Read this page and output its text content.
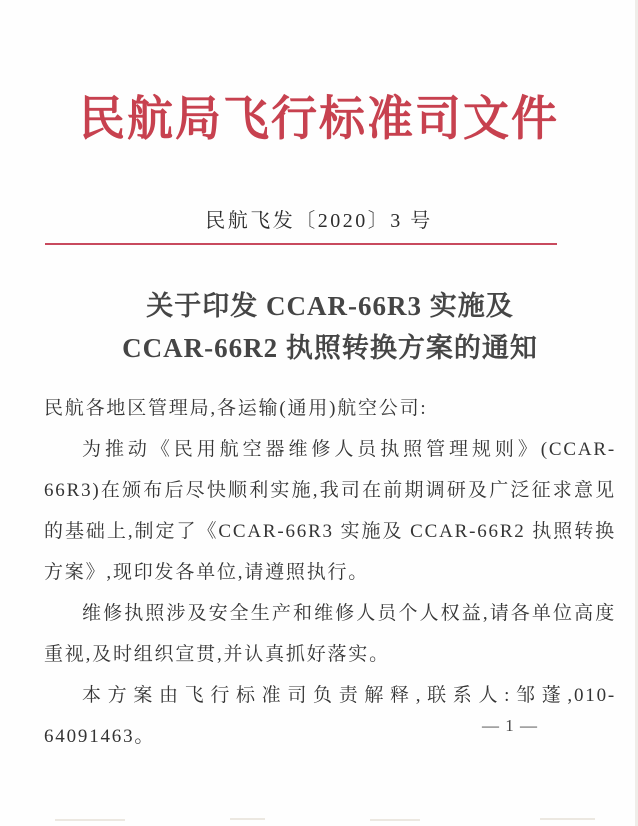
民航局飞行标准司文件
民航飞发〔2020〕3 号
关于印发 CCAR-66R3 实施及
CCAR-66R2 执照转换方案的通知

民航各地区管理局,各运输(通用)航空公司:

为推动《民用航空器维修人员执照管理规则》(CCAR-66R3)在颁布后尽快顺利实施,我司在前期调研及广泛征求意见的基础上,制定了《CCAR-66R3 实施及 CCAR-66R2 执照转换方案》,现印发各单位,请遵照执行。

维修执照涉及安全生产和维修人员个人权益,请各单位高度重视,及时组织宣贯,并认真抓好落实。

本方案由飞行标准司负责解释,联系人:邹蓬,010-64091463。

— 1 —
